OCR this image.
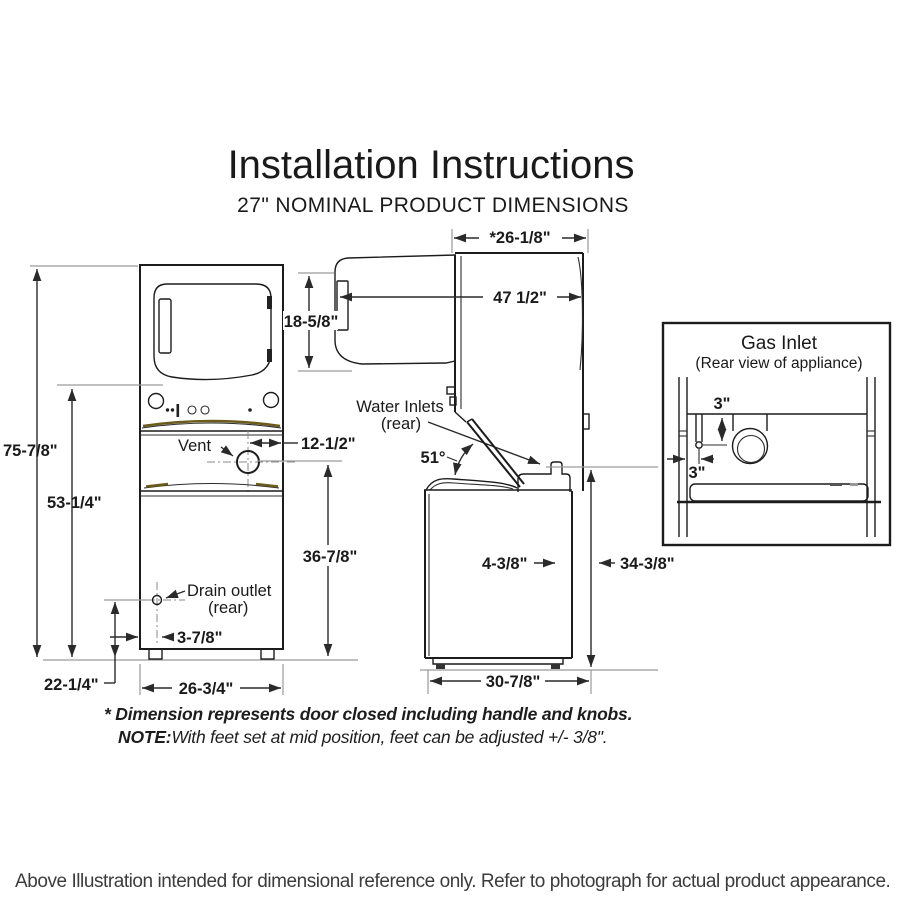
Installation Instructions
27" NOMINAL PRODUCT DIMENSIONS
Vent
Drain outlet
(rear)
75-7/8"
53-1/4"
22-1/4"
3-7/8"
12-1/2"
36-7/8"
26-3/4"
*26-1/8"
47 1/2"
18-5/8"
Water Inlets
(rear)
51°
34-3/8"
4-3/8"
30-7/8"
Gas Inlet
(Rear view of appliance)
3"
3"
* Dimension represents door closed including handle and knobs.
NOTE:With feet set at mid position, feet can be adjusted +/- 3/8".
Above Illustration intended for dimensional reference only. Refer to photograph for actual product appearance.
